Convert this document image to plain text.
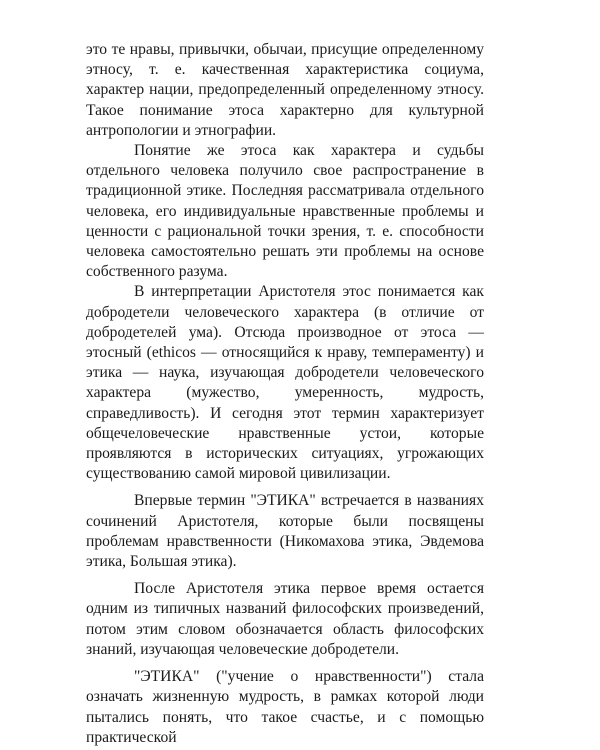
это те нравы, привычки, обычаи, присущие определенному этносу, т. е. качественная характеристика социума, характер нации, предопределенный определенному этносу. Такое понимание этоса характерно для культурной антропологии и этнографии.

Понятие же этоса как характера и судьбы отдельного человека получило свое распространение в традиционной этике. Последняя рассматривала отдельного человека, его индивидуальные нравственные проблемы и ценности с рациональной точки зрения, т. е. способности человека самостоятельно решать эти проблемы на основе собственного разума.

В интерпретации Аристотеля этос понимается как добродетели человеческого характера (в отличие от добродетелей ума). Отсюда производное от этоса — этосный (ethicos — относящийся к нраву, темпераменту) и этика — наука, изучающая добродетели человеческого характера (мужество, умеренность, мудрость, справедливость). И сегодня этот термин характеризует общечеловеческие нравственные устои, которые проявляются в исторических ситуациях, угрожающих существованию самой мировой цивилизации.

Впервые термин "ЭТИКА" встречается в названиях сочинений Аристотеля, которые были посвящены проблемам нравственности (Никомахова этика, Эвдемова этика, Большая этика).

После Аристотеля этика первое время остается одним из типичных названий философских произведений, потом этим словом обозначается область философских знаний, изучающая человеческие добродетели.

"ЭТИКА" ("учение о нравственности") стала означать жизненную мудрость, в рамках которой люди пытались понять, что такое счастье, и с помощью практической
